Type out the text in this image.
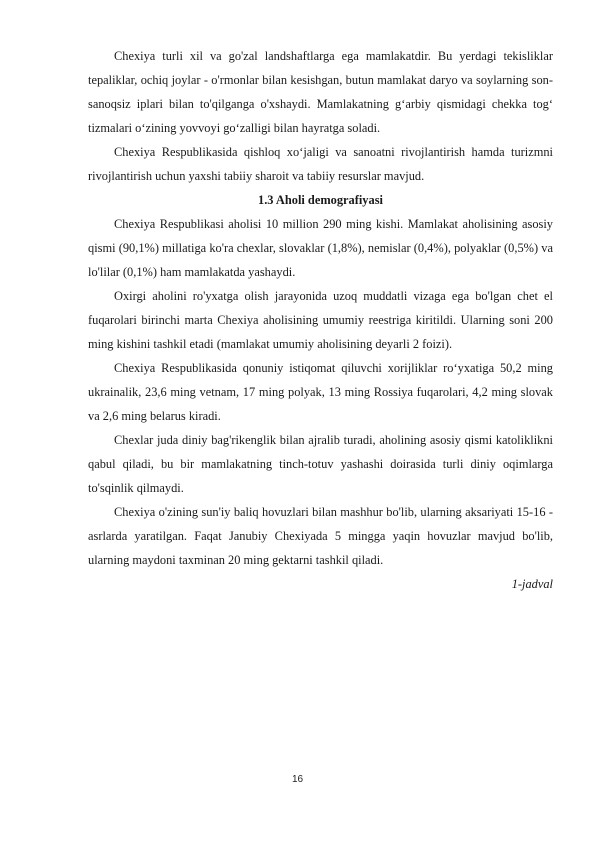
Chexiya turli xil va go'zal landshaftlarga ega mamlakatdir. Bu yerdagi tekisliklar tepaliklar, ochiq joylar - o'rmonlar bilan kesishgan, butun mamlakat daryo va soylarning son-sanoqsiz iplari bilan to'qilganga o'xshaydi. Mamlakatning g‘arbiy qismidagi chekka tog‘ tizmalari o‘zining yovvoyi go‘zalligi bilan hayratga soladi.

Chexiya Respublikasida qishloq xo‘jaligi va sanoatni rivojlantirish hamda turizmni rivojlantirish uchun yaxshi tabiiy sharoit va tabiiy resurslar mavjud.

1.3 Aholi demografiyasi

Chexiya Respublikasi aholisi 10 million 290 ming kishi. Mamlakat aholisining asosiy qismi (90,1%) millatiga ko'ra chexlar, slovaklar (1,8%), nemislar (0,4%), polyaklar (0,5%) va lo'lilar (0,1%) ham mamlakatda yashaydi.

Oxirgi aholini ro'yxatga olish jarayonida uzoq muddatli vizaga ega bo'lgan chet el fuqarolari birinchi marta Chexiya aholisining umumiy reestriga kiritildi. Ularning soni 200 ming kishini tashkil etadi (mamlakat umumiy aholisining deyarli 2 foizi).

Chexiya Respublikasida qonuniy istiqomat qiluvchi xorijliklar ro‘yxatiga 50,2 ming ukrainalik, 23,6 ming vetnam, 17 ming polyak, 13 ming Rossiya fuqarolari, 4,2 ming slovak va 2,6 ming belarus kiradi.

Chexlar juda diniy bag'rikenglik bilan ajralib turadi, aholining asosiy qismi katoliklikni qabul qiladi, bu bir mamlakatning tinch-totuv yashashi doirasida turli diniy oqimlarga to'sqinlik qilmaydi.

Chexiya o'zining sun'iy baliq hovuzlari bilan mashhur bo'lib, ularning aksariyati 15-16 - asrlarda yaratilgan. Faqat Janubiy Chexiyada 5 mingga yaqin hovuzlar mavjud bo'lib, ularning maydoni taxminan 20 ming gektarni tashkil qiladi.

1-jadval

16
